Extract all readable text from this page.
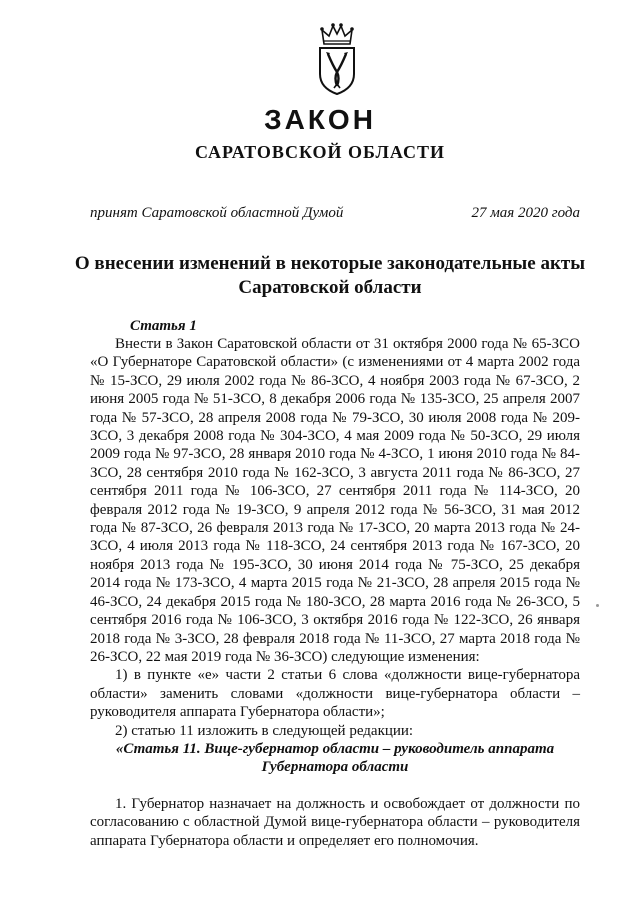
ЗАКОН
САРАТОВСКОЙ ОБЛАСТИ
принят Саратовской областной Думой	27 мая 2020 года
О внесении изменений в некоторые законодательные акты Саратовской области
Статья 1

Внести в Закон Саратовской области от 31 октября 2000 года № 65-ЗСО «О Губернаторе Саратовской области» (с изменениями от 4 марта 2002 года № 15-ЗСО, 29 июля 2002 года № 86-ЗСО, 4 ноября 2003 года № 67-ЗСО, 2 июня 2005 года № 51-ЗСО, 8 декабря 2006 года № 135-ЗСО, 25 апреля 2007 года № 57-ЗСО, 28 апреля 2008 года № 79-ЗСО, 30 июля 2008 года № 209-ЗСО, 3 декабря 2008 года № 304-ЗСО, 4 мая 2009 года № 50-ЗСО, 29 июля 2009 года № 97-ЗСО, 28 января 2010 года № 4-ЗСО, 1 июня 2010 года № 84-ЗСО, 28 сентября 2010 года № 162-ЗСО, 3 августа 2011 года № 86-ЗСО, 27 сентября 2011 года № 106-ЗСО, 27 сентября 2011 года № 114-ЗСО, 20 февраля 2012 года № 19-ЗСО, 9 апреля 2012 года № 56-ЗСО, 31 мая 2012 года № 87-ЗСО, 26 февраля 2013 года № 17-ЗСО, 20 марта 2013 года № 24-ЗСО, 4 июля 2013 года № 118-ЗСО, 24 сентября 2013 года № 167-ЗСО, 20 ноября 2013 года № 195-ЗСО, 30 июня 2014 года № 75-ЗСО, 25 декабря 2014 года № 173-ЗСО, 4 марта 2015 года № 21-ЗСО, 28 апреля 2015 года № 46-ЗСО, 24 декабря 2015 года № 180-ЗСО, 28 марта 2016 года № 26-ЗСО, 5 сентября 2016 года № 106-ЗСО, 3 октября 2016 года № 122-ЗСО, 26 января 2018 года № 3-ЗСО, 28 февраля 2018 года № 11-ЗСО, 27 марта 2018 года № 26-ЗСО, 22 мая 2019 года № 36-ЗСО) следующие изменения:

1) в пункте «е» части 2 статьи 6 слова «должности вице-губернатора области» заменить словами «должности вице-губернатора области – руководителя аппарата Губернатора области»;

2) статью 11 изложить в следующей редакции:

«Статья 11. Вице-губернатор области – руководитель аппарата
Губернатора области

1. Губернатор назначает на должность и освобождает от должности по согласованию с областной Думой вице-губернатора области – руководителя аппарата Губернатора области и определяет его полномочия.
